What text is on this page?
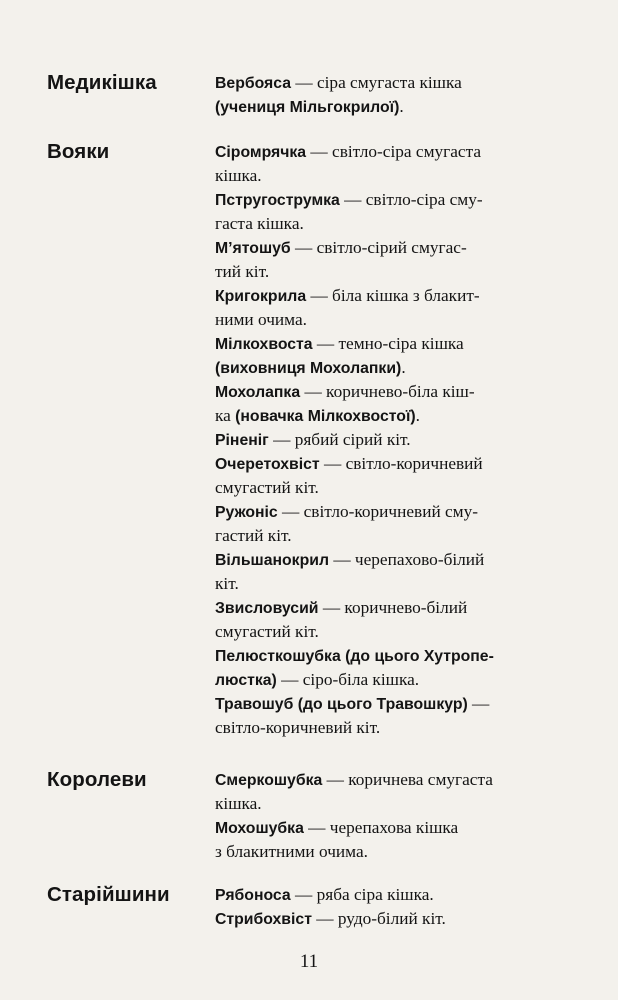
Медикішка	Вербояса — сіра смугаста кішка
(учениця Мільгокрилої).
Вояки	Сіромрячка — світло-сіра смугаста
кішка.
Пстругострумка — світло-сіра сму-
гаста кішка.
М’ятошуб — світло-сірий смугас-
тий кіт.
Кригокрила — біла кішка з блакит-
ними очима.
Мілкохвоста — темно-сіра кішка
(виховниця Мохолапки).
Мохолапка — коричнево-біла кіш-
ка (новачка Мілкохвостої).
Ріненіг — рябий сірий кіт.
Очеретохвіст — світло-коричневий
смугастий кіт.
Ружоніс — світло-коричневий сму-
гастий кіт.
Вільшанокрил — черепахово-білий
кіт.
Звисловусий — коричнево-білий
смугастий кіт.
Пелюсткошубка (до цього Хутропе-
люстка) — сіро-біла кішка.
Травошуб (до цього Травошкур) —
світло-коричневий кіт.
Королеви	Смеркошубка — коричнева смугаста
кішка.
Мохошубка — черепахова кішка
з блакитними очима.
Старійшини	Рябоноса — ряба сіра кішка.
Стрибохвіст — рудо-білий кіт.
11
